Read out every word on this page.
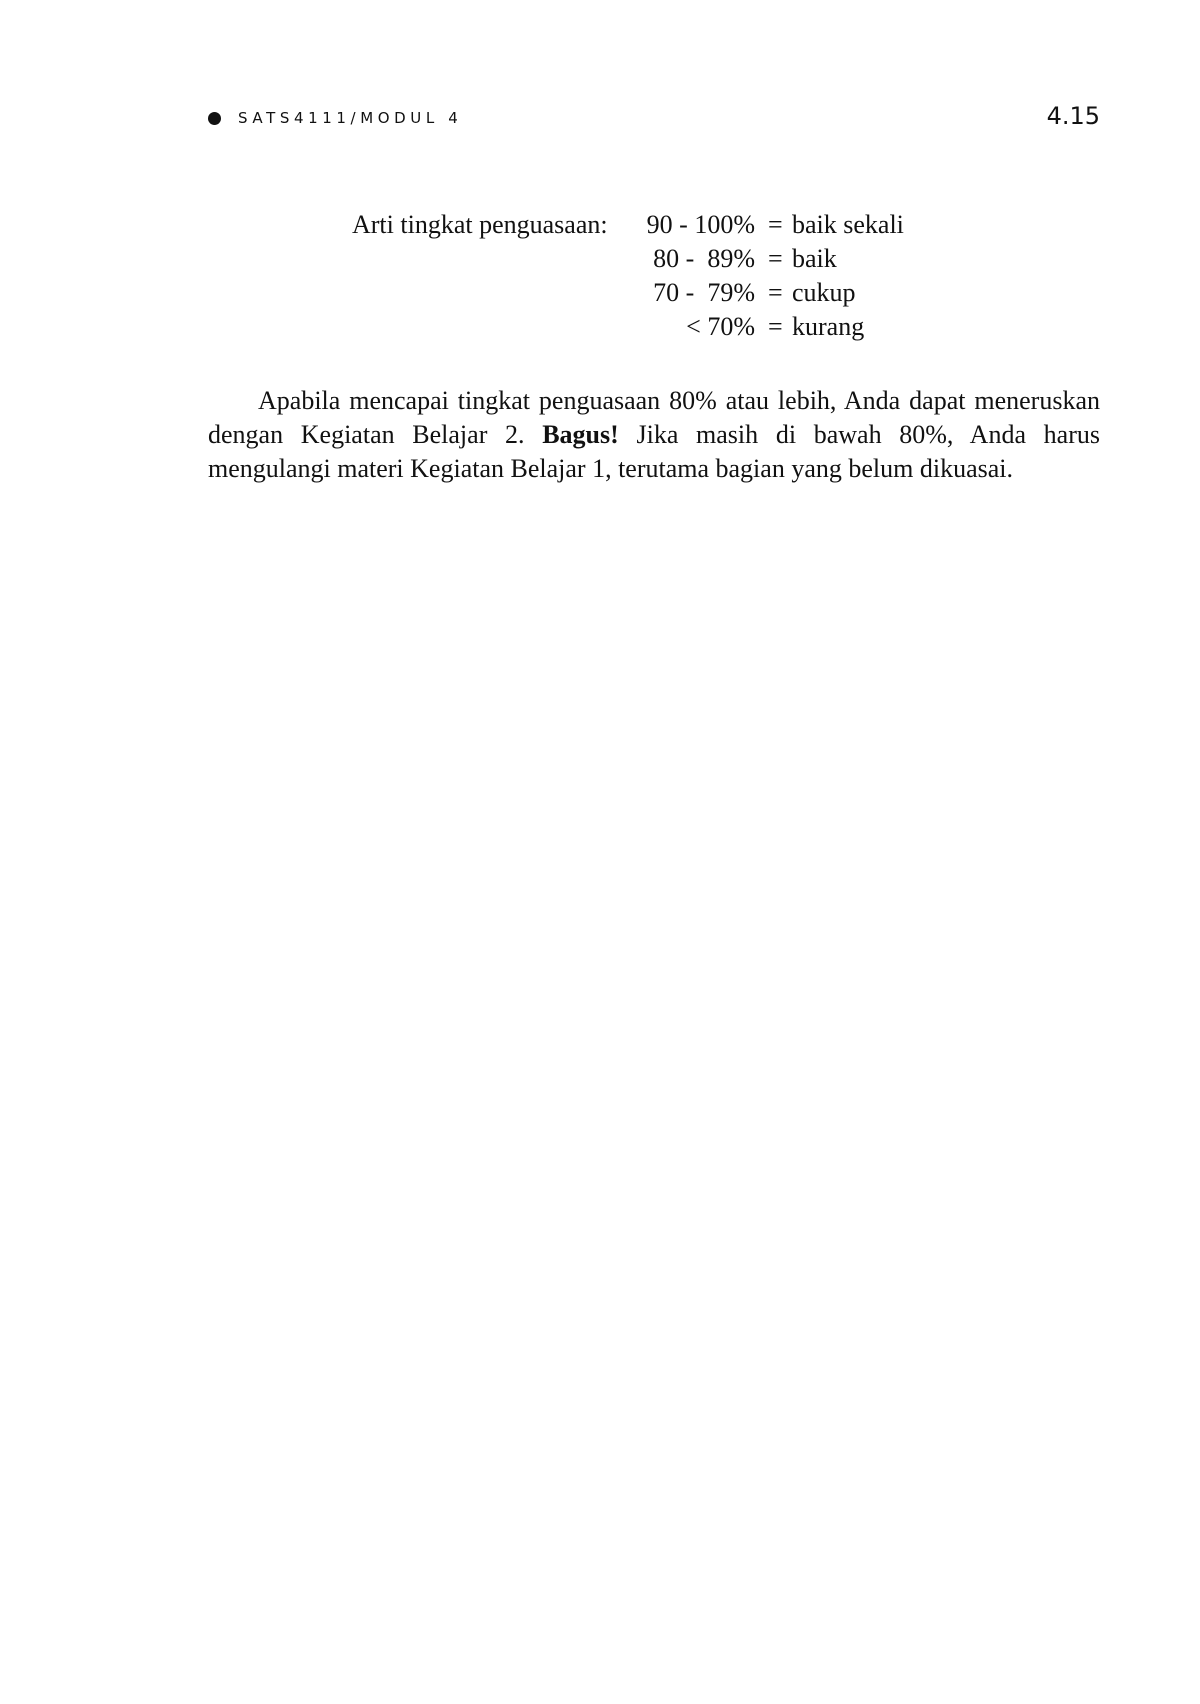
SATS4111/MODUL 4	4.15
Arti tingkat penguasaan: 90 - 100% = baik sekali
80 -  89% = baik
70 -  79% = cukup
< 70% = kurang

Apabila mencapai tingkat penguasaan 80% atau lebih, Anda dapat meneruskan dengan Kegiatan Belajar 2. Bagus! Jika masih di bawah 80%, Anda harus mengulangi materi Kegiatan Belajar 1, terutama bagian yang belum dikuasai.
